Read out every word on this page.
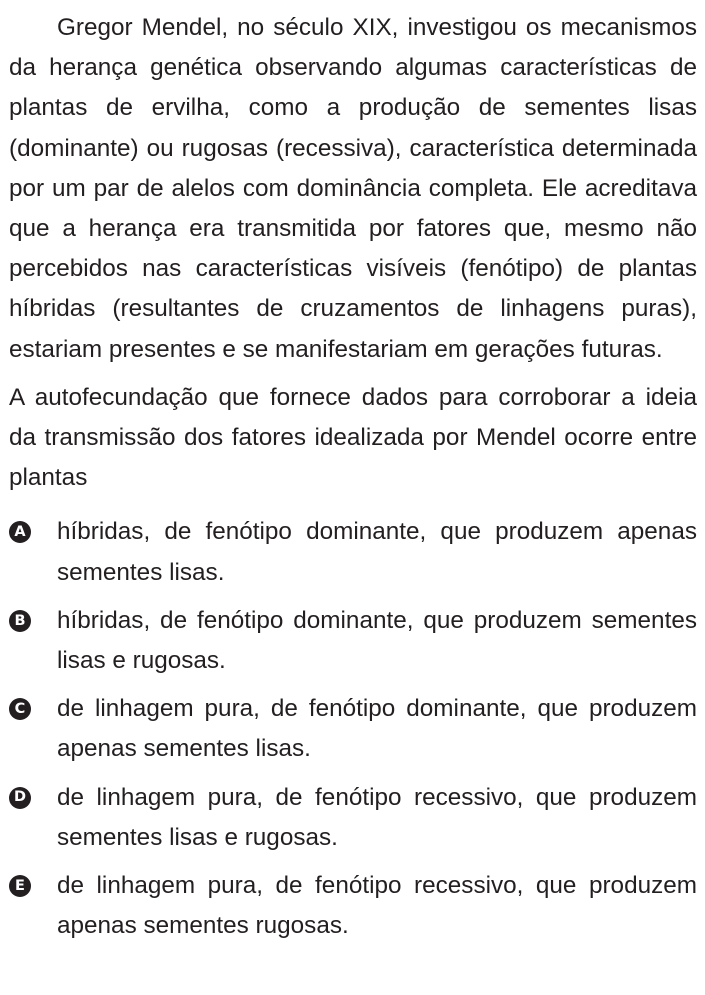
Gregor Mendel, no século XIX, investigou os mecanismos da herança genética observando algumas características de plantas de ervilha, como a produção de sementes lisas (dominante) ou rugosas (recessiva), característica determinada por um par de alelos com dominância completa. Ele acreditava que a herança era transmitida por fatores que, mesmo não percebidos nas características visíveis (fenótipo) de plantas híbridas (resultantes de cruzamentos de linhagens puras), estariam presentes e se manifestariam em gerações futuras.

A autofecundação que fornece dados para corroborar a ideia da transmissão dos fatores idealizada por Mendel ocorre entre plantas

A híbridas, de fenótipo dominante, que produzem apenas sementes lisas.

B híbridas, de fenótipo dominante, que produzem sementes lisas e rugosas.

C de linhagem pura, de fenótipo dominante, que produzem apenas sementes lisas.

D de linhagem pura, de fenótipo recessivo, que produzem sementes lisas e rugosas.

E de linhagem pura, de fenótipo recessivo, que produzem apenas sementes rugosas.
